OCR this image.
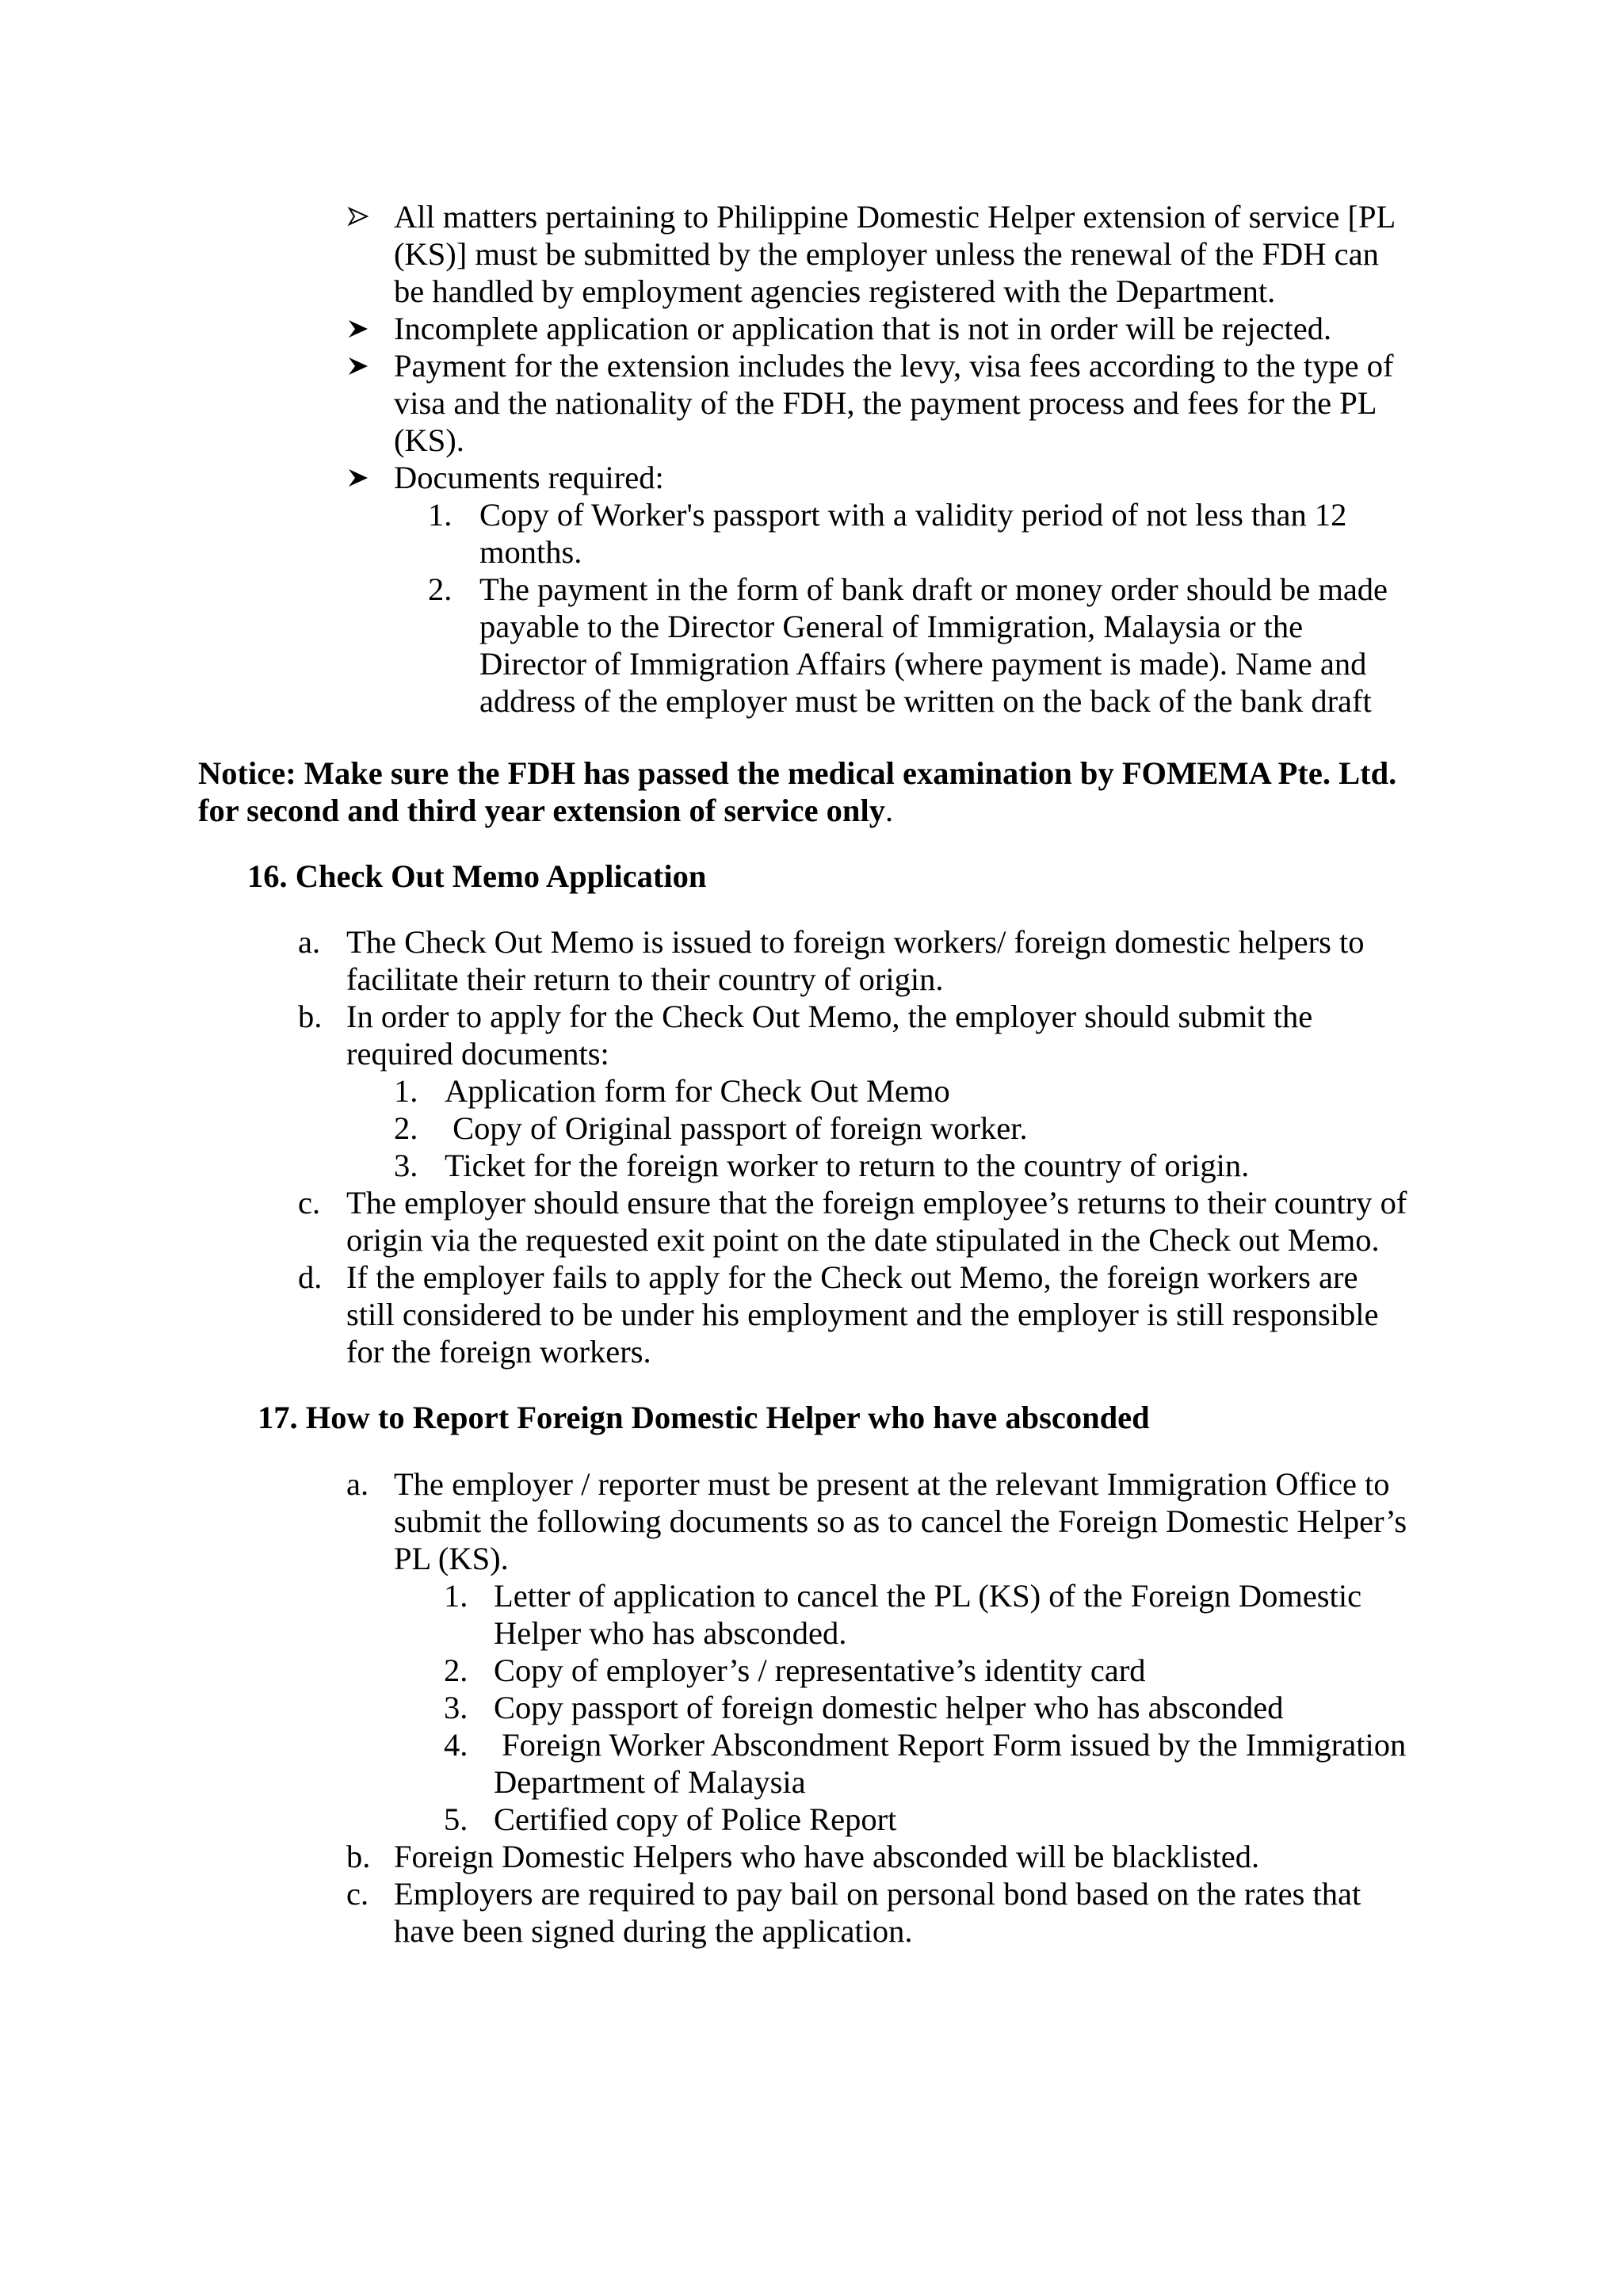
All matters pertaining to Philippine Domestic Helper extension of service [PL
(KS)] must be submitted by the employer unless the renewal of the FDH can
be handled by employment agencies registered with the Department.
Incomplete application or application that is not in order will be rejected.
Payment for the extension includes the levy, visa fees according to the type of
visa and the nationality of the FDH, the payment process and fees for the PL
(KS).
Documents required:
1. Copy of Worker's passport with a validity period of not less than 12
months.
2. The payment in the form of bank draft or money order should be made
payable to the Director General of Immigration, Malaysia or the
Director of Immigration Affairs (where payment is made). Name and
address of the employer must be written on the back of the bank draft
Notice: Make sure the FDH has passed the medical examination by FOMEMA Pte. Ltd.
for second and third year extension of service only.
16. Check Out Memo Application
a. The Check Out Memo is issued to foreign workers/ foreign domestic helpers to
facilitate their return to their country of origin.
b. In order to apply for the Check Out Memo, the employer should submit the
required documents:
1. Application form for Check Out Memo
2. Copy of Original passport of foreign worker.
3. Ticket for the foreign worker to return to the country of origin.
c. The employer should ensure that the foreign employee’s returns to their country of
origin via the requested exit point on the date stipulated in the Check out Memo.
d. If the employer fails to apply for the Check out Memo, the foreign workers are
still considered to be under his employment and the employer is still responsible
for the foreign workers.
17. How to Report Foreign Domestic Helper who have absconded
a. The employer / reporter must be present at the relevant Immigration Office to
submit the following documents so as to cancel the Foreign Domestic Helper’s
PL (KS).
1. Letter of application to cancel the PL (KS) of the Foreign Domestic
Helper who has absconded.
2. Copy of employer’s / representative’s identity card
3. Copy passport of foreign domestic helper who has absconded
4. Foreign Worker Abscondment Report Form issued by the Immigration
Department of Malaysia
5. Certified copy of Police Report
b. Foreign Domestic Helpers who have absconded will be blacklisted.
c. Employers are required to pay bail on personal bond based on the rates that
have been signed during the application.
